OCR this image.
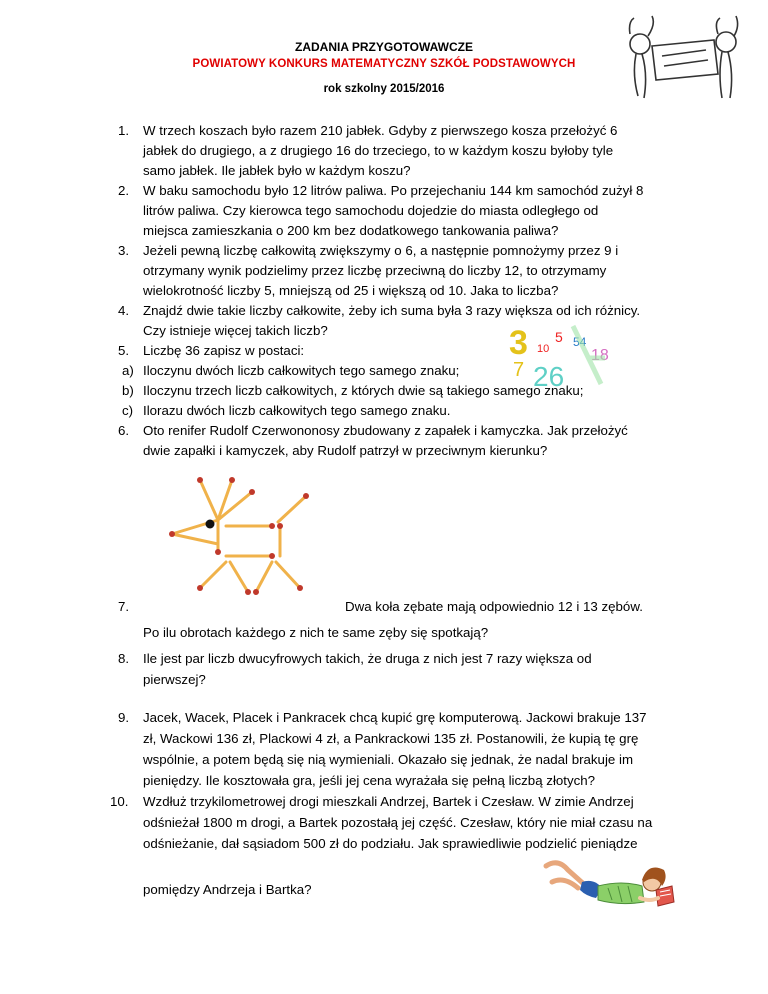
ZADANIA PRZYGOTOWAWCZE
POWIATOWY KONKURS MATEMATYCZNY SZKÓŁ PODSTAWOWYCH
rok szkolny 2015/2016
1. W trzech koszach było razem 210 jabłek. Gdyby z pierwszego kosza przełożyć 6
jabłek do drugiego, a z drugiego 16 do trzeciego, to w każdym koszu byłoby tyle
samo jabłek. Ile jabłek było w każdym koszu?
2. W baku samochodu było 12 litrów paliwa. Po przejechaniu 144 km samochód zużył 8
litrów paliwa. Czy kierowca tego samochodu dojedzie do miasta odległego od
miejsca zamieszkania o 200 km bez dodatkowego tankowania paliwa?
3. Jeżeli pewną liczbę całkowitą zwiększymy o 6, a następnie pomnożymy przez 9 i
otrzymany wynik podzielimy przez liczbę przeciwną do liczby 12, to otrzymamy
wielokrotność liczby 5, mniejszą od 25 i większą od 10. Jaka to liczba?
4. Znajdź dwie takie liczby całkowite, żeby ich suma była 3 razy większa od ich różnicy.
Czy istnieje więcej takich liczb?	3 10
5 54
18
7 26
5. Liczbę 36 zapisz w postaci:
a) Iloczynu dwóch liczb całkowitych tego samego znaku;
b) Iloczynu trzech liczb całkowitych, z których dwie są takiego samego znaku;
c) Ilorazu dwóch liczb całkowitych tego samego znaku.
6. Oto renifer Rudolf Czerwononosy zbudowany z zapałek i kamyczka. Jak przełożyć
dwie zapałki i kamyczek, aby Rudolf patrzył w przeciwnym kierunku?
7.	Dwa koła zębate mają odpowiednio 12 i 13 zębów.
Po ilu obrotach każdego z nich te same zęby się spotkają?
8. Ile jest par liczb dwucyfrowych takich, że druga z nich jest 7 razy większa od
pierwszej?
9. Jacek, Wacek, Placek i Pankracek chcą kupić grę komputerową. Jackowi brakuje 137
zł, Wackowi 136 zł, Plackowi 4 zł, a Pankrackowi 135 zł. Postanowili, że kupią tę grę
wspólnie, a potem będą się nią wymieniali. Okazało się jednak, że nadal brakuje im
pieniędzy. Ile kosztowała gra, jeśli jej cena wyrażała się pełną liczbą złotych?
10. Wzdłuż trzykilometrowej drogi mieszkali Andrzej, Bartek i Czesław. W zimie Andrzej
odśnieżał 1800 m drogi, a Bartek pozostałą jej część. Czesław, który nie miał czasu na
odśnieżanie, dał sąsiadom 500 zł do podziału. Jak sprawiedliwie podzielić pieniądze
pomiędzy Andrzeja i Bartka?
